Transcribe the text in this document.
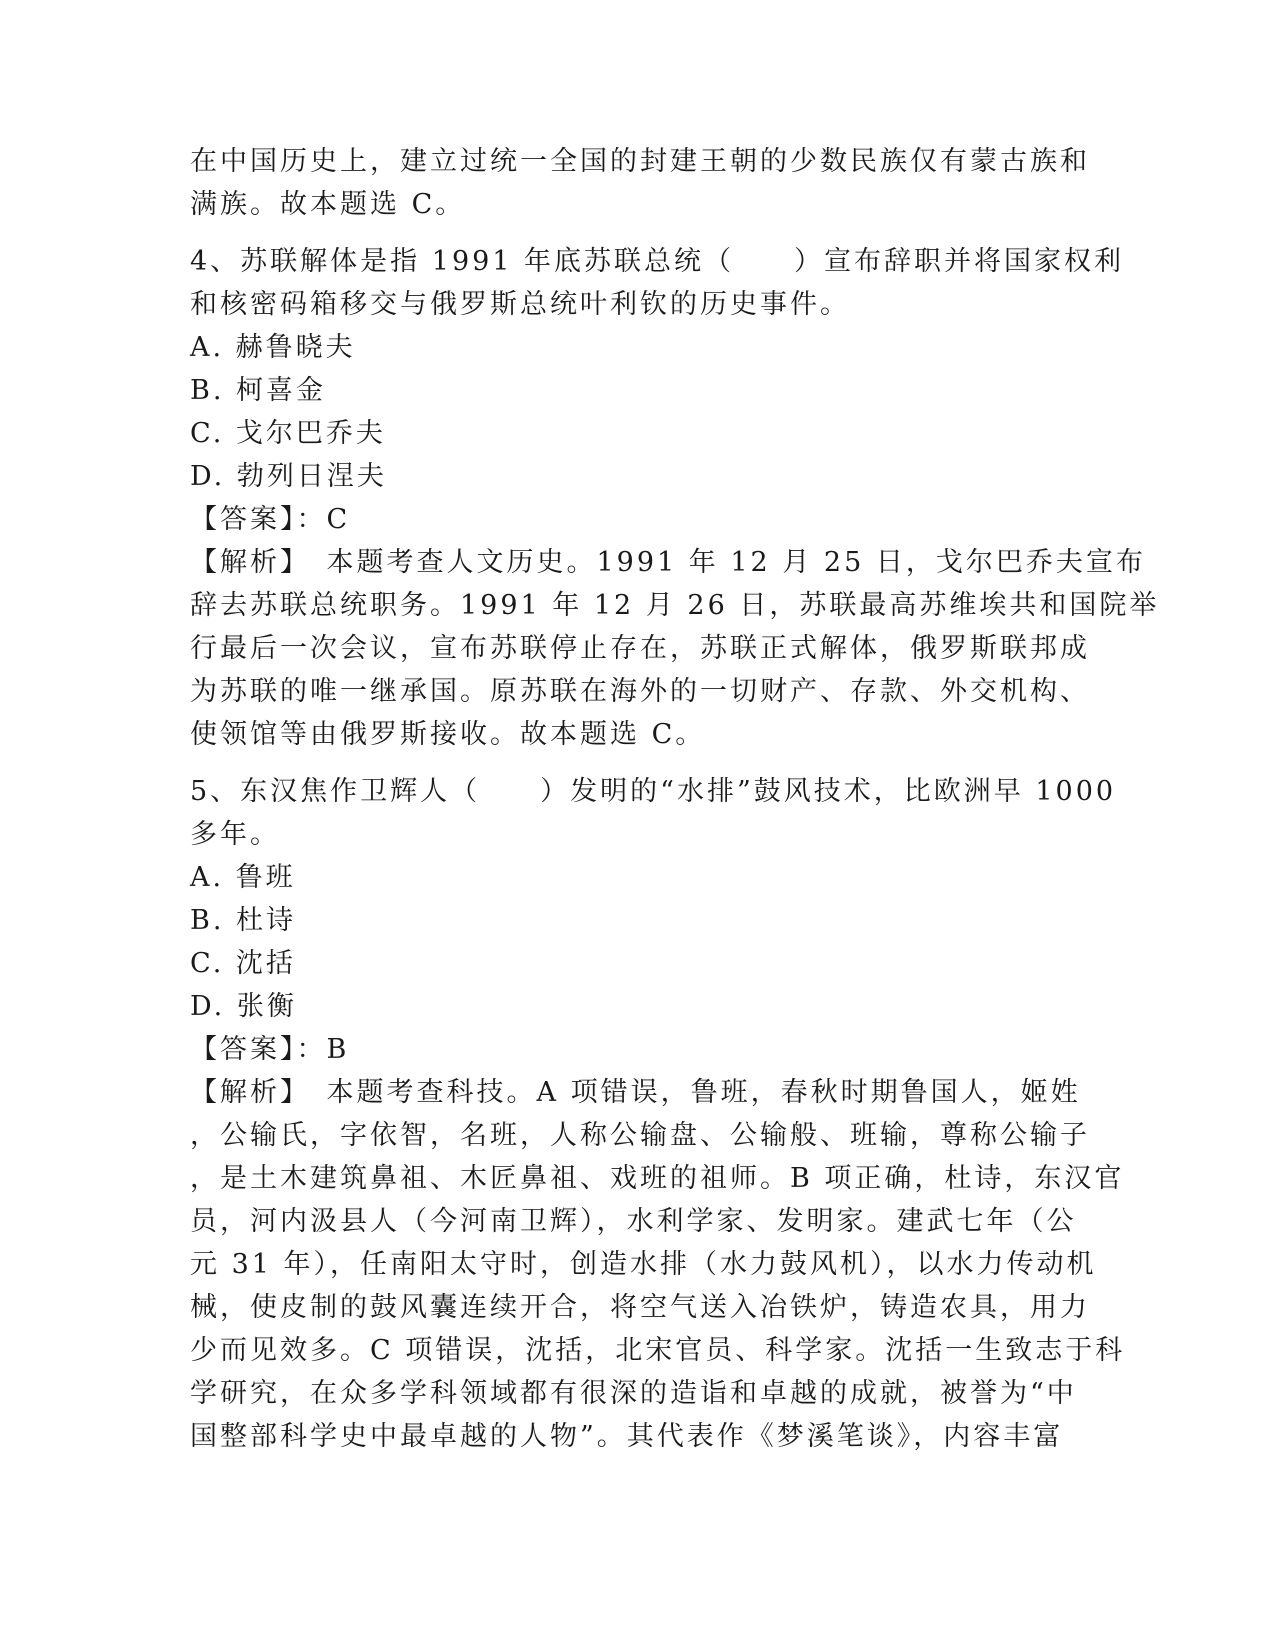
在中国历史上，建立过统一全国的封建王朝的少数民族仅有蒙古族和
满族。故本题选 C。
4、苏联解体是指 1991 年底苏联总统（　　）宣布辞职并将国家权利
和核密码箱移交与俄罗斯总统叶利钦的历史事件。
A. 赫鲁晓夫
B. 柯喜金
C. 戈尔巴乔夫
D. 勃列日涅夫
【答案】：C
【解析】　本题考查人文历史。1991 年 12 月 25 日，戈尔巴乔夫宣布
辞去苏联总统职务。1991 年 12 月 26 日，苏联最高苏维埃共和国院举
行最后一次会议，宣布苏联停止存在，苏联正式解体，俄罗斯联邦成
为苏联的唯一继承国。原苏联在海外的一切财产、存款、外交机构、
使领馆等由俄罗斯接收。故本题选 C。
5、东汉焦作卫辉人（　　）发明的“水排”鼓风技术，比欧洲早 1000
多年。
A. 鲁班
B. 杜诗
C. 沈括
D. 张衡
【答案】：B
【解析】　本题考查科技。A 项错误，鲁班，春秋时期鲁国人，姬姓
，公输氏，字依智，名班，人称公输盘、公输般、班输，尊称公输子
，是土木建筑鼻祖、木匠鼻祖、戏班的祖师。B 项正确，杜诗，东汉官
员，河内汲县人（今河南卫辉），水利学家、发明家。建武七年（公
元 31 年），任南阳太守时，创造水排（水力鼓风机），以水力传动机
械，使皮制的鼓风囊连续开合，将空气送入冶铁炉，铸造农具，用力
少而见效多。C 项错误，沈括，北宋官员、科学家。沈括一生致志于科
学研究，在众多学科领域都有很深的造诣和卓越的成就，被誉为“中
国整部科学史中最卓越的人物”。其代表作《梦溪笔谈》，内容丰富
